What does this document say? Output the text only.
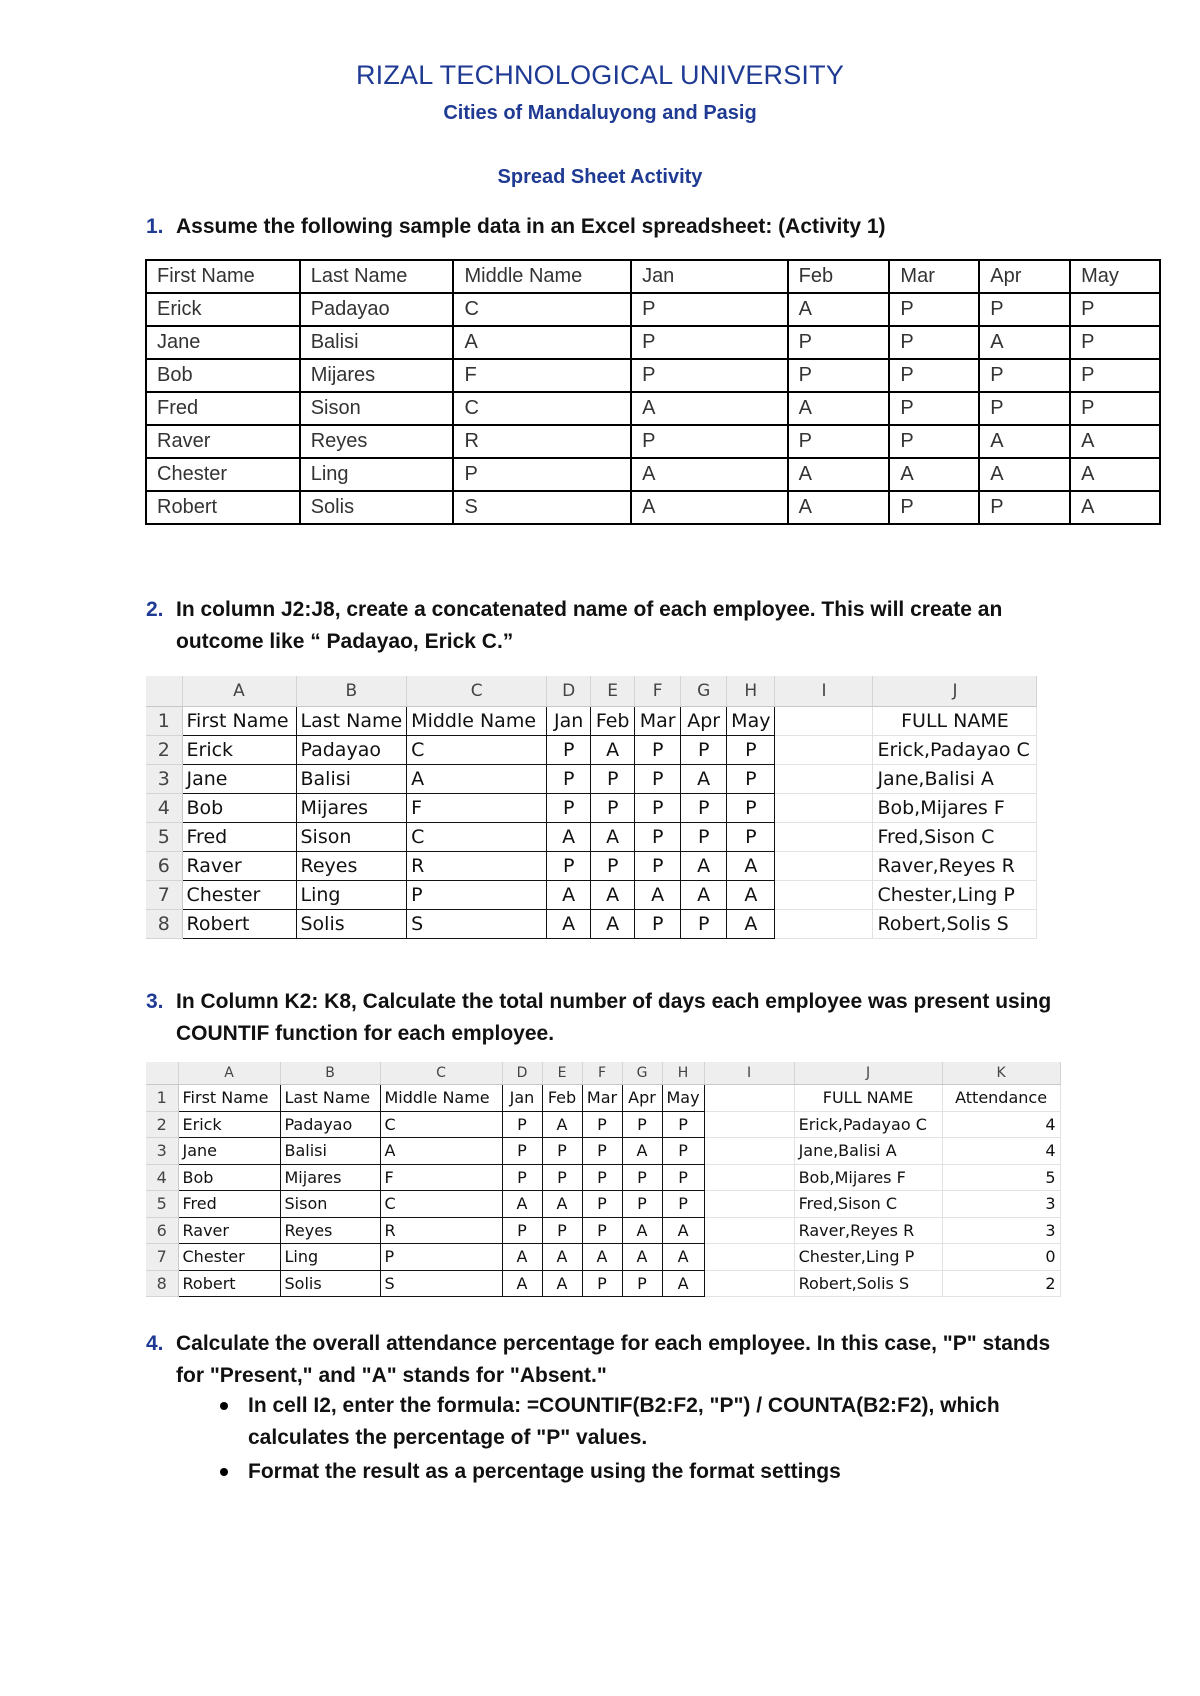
RIZAL TECHNOLOGICAL UNIVERSITY
Cities of Mandaluyong and Pasig
Spread Sheet Activity
1. Assume the following sample data in an Excel spreadsheet: (Activity 1)
First Name	Last Name	Middle Name	Jan	Feb	Mar	Apr	May
Erick	Padayao	C	P	A	P	P	P
Jane	Balisi	A	P	P	P	A	P
Bob	Mijares	F	P	P	P	P	P
Fred	Sison	C	A	A	P	P	P
Raver	Reyes	R	P	P	P	A	A
Chester	Ling	P	A	A	A	A	A
Robert	Solis	S	A	A	P	P	A
2. In column J2:J8, create a concatenated name of each employee. This will create an outcome like “ Padayao, Erick C.”
	A	B	C	D	E	F	G	H	I	J
1	First Name	Last Name	Middle Name	Jan	Feb	Mar	Apr	May		FULL NAME
2	Erick	Padayao	C	P	A	P	P	P		Erick,Padayao C
3	Jane	Balisi	A	P	P	P	A	P		Jane,Balisi A
4	Bob	Mijares	F	P	P	P	P	P		Bob,Mijares F
5	Fred	Sison	C	A	A	P	P	P		Fred,Sison C
6	Raver	Reyes	R	P	P	P	A	A		Raver,Reyes R
7	Chester	Ling	P	A	A	A	A	A		Chester,Ling P
8	Robert	Solis	S	A	A	P	P	A		Robert,Solis S
3. In Column K2: K8, Calculate the total number of days each employee was present using COUNTIF function for each employee.
	A	B	C	D	E	F	G	H	I	J	K
1	First Name	Last Name	Middle Name	Jan	Feb	Mar	Apr	May		FULL NAME	Attendance
2	Erick	Padayao	C	P	A	P	P	P		Erick,Padayao C	4
3	Jane	Balisi	A	P	P	P	A	P		Jane,Balisi A	4
4	Bob	Mijares	F	P	P	P	P	P		Bob,Mijares F	5
5	Fred	Sison	C	A	A	P	P	P		Fred,Sison C	3
6	Raver	Reyes	R	P	P	P	A	A		Raver,Reyes R	3
7	Chester	Ling	P	A	A	A	A	A		Chester,Ling P	0
8	Robert	Solis	S	A	A	P	P	A		Robert,Solis S	2
4. Calculate the overall attendance percentage for each employee. In this case, "P" stands for "Present," and "A" stands for "Absent."
In cell I2, enter the formula: =COUNTIF(B2:F2, "P") / COUNTA(B2:F2), which calculates the percentage of "P" values.
Format the result as a percentage using the format settings
